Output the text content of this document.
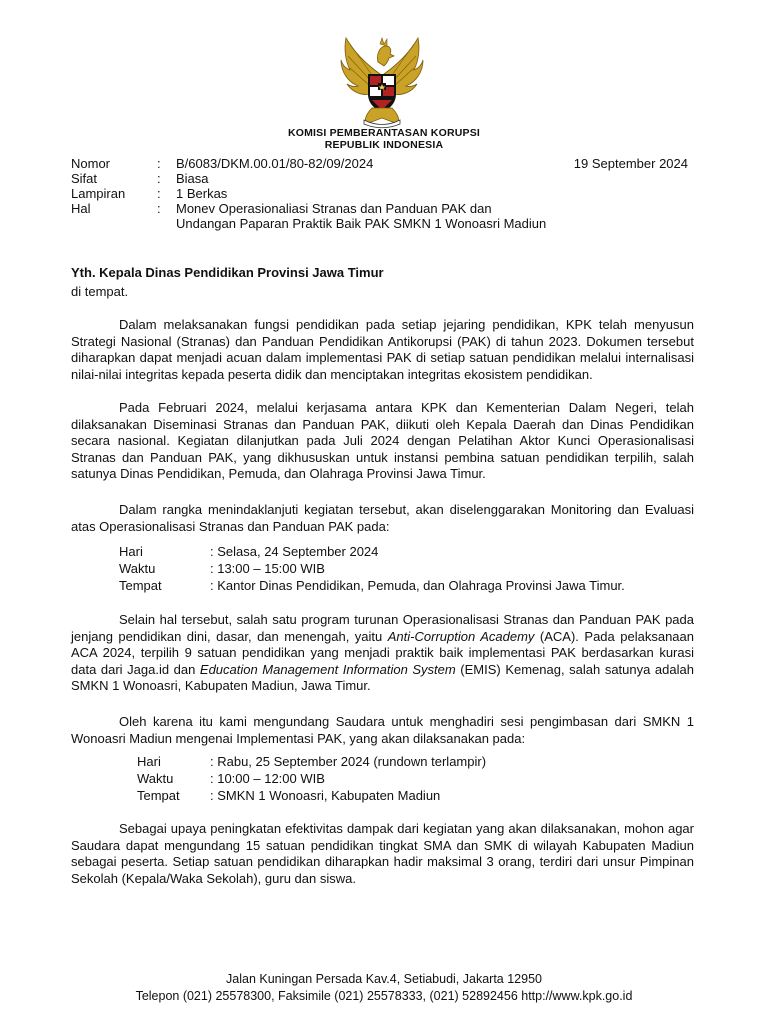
KOMISI PEMBERANTASAN KORUPSI
REPUBLIK INDONESIA
Nomor	: B/6083/DKM.00.01/80-82/09/2024	19 September 2024
Sifat	: Biasa
Lampiran	: 1 Berkas
Hal	: Monev Operasionaliasi Stranas dan Panduan PAK dan
Undangan Paparan Praktik Baik PAK SMKN 1 Wonoasri Madiun
Yth. Kepala Dinas Pendidikan Provinsi Jawa Timur
di tempat.
Dalam melaksanakan fungsi pendidikan pada setiap jejaring pendidikan, KPK telah menyusun Strategi Nasional (Stranas) dan Panduan Pendidikan Antikorupsi (PAK) di tahun 2023. Dokumen tersebut diharapkan dapat menjadi acuan dalam implementasi PAK di setiap satuan pendidikan melalui internalisasi nilai-nilai integritas kepada peserta didik dan menciptakan integritas ekosistem pendidikan.
Pada Februari 2024, melalui kerjasama antara KPK dan Kementerian Dalam Negeri, telah dilaksanakan Diseminasi Stranas dan Panduan PAK, diikuti oleh Kepala Daerah dan Dinas Pendidikan secara nasional. Kegiatan dilanjutkan pada Juli 2024 dengan Pelatihan Aktor Kunci Operasionalisasi Stranas dan Panduan PAK, yang dikhususkan untuk instansi pembina satuan pendidikan terpilih, salah satunya Dinas Pendidikan, Pemuda, dan Olahraga Provinsi Jawa Timur.
Dalam rangka menindaklanjuti kegiatan tersebut, akan diselenggarakan Monitoring dan Evaluasi atas Operasionalisasi Stranas dan Panduan PAK pada:
Hari	: Selasa, 24 September 2024
Waktu	: 13:00 – 15:00 WIB
Tempat	: Kantor Dinas Pendidikan, Pemuda, dan Olahraga Provinsi Jawa Timur.
Selain hal tersebut, salah satu program turunan Operasionalisasi Stranas dan Panduan PAK pada jenjang pendidikan dini, dasar, dan menengah, yaitu Anti-Corruption Academy (ACA). Pada pelaksanaan ACA 2024, terpilih 9 satuan pendidikan yang menjadi praktik baik implementasi PAK berdasarkan kurasi data dari Jaga.id dan Education Management Information System (EMIS) Kemenag, salah satunya adalah SMKN 1 Wonoasri, Kabupaten Madiun, Jawa Timur.
Oleh karena itu kami mengundang Saudara untuk menghadiri sesi pengimbasan dari SMKN 1 Wonoasri Madiun mengenai Implementasi PAK, yang akan dilaksanakan pada:
Hari	: Rabu, 25 September 2024 (rundown terlampir)
Waktu	: 10:00 – 12:00 WIB
Tempat : SMKN 1 Wonoasri, Kabupaten Madiun
Sebagai upaya peningkatan efektivitas dampak dari kegiatan yang akan dilaksanakan, mohon agar Saudara dapat mengundang 15 satuan pendidikan tingkat SMA dan SMK di wilayah Kabupaten Madiun sebagai peserta. Setiap satuan pendidikan diharapkan hadir maksimal 3 orang, terdiri dari unsur Pimpinan Sekolah (Kepala/Waka Sekolah), guru dan siswa.
Jalan Kuningan Persada Kav.4, Setiabudi, Jakarta 12950
Telepon (021) 25578300, Faksimile (021) 25578333, (021) 52892456 http://www.kpk.go.id
